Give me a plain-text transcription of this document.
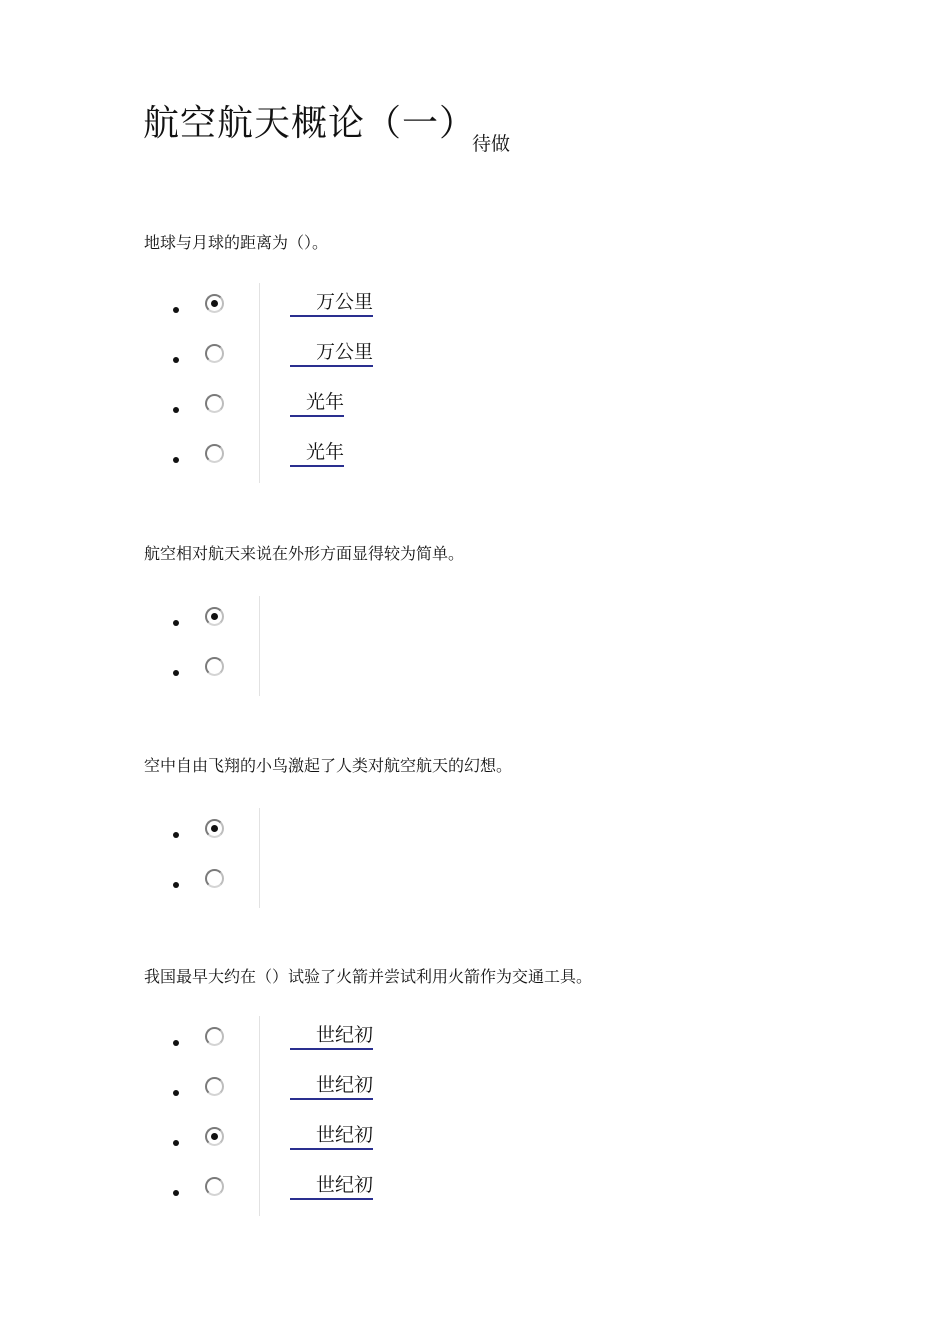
航空航天概论（一）
待做
地球与月球的距离为（）。
万公里
万公里
光年
光年
航空相对航天来说在外形方面显得较为简单。
空中自由飞翔的小鸟激起了人类对航空航天的幻想。
我国最早大约在（）试验了火箭并尝试利用火箭作为交通工具。
世纪初
世纪初
世纪初
世纪初
